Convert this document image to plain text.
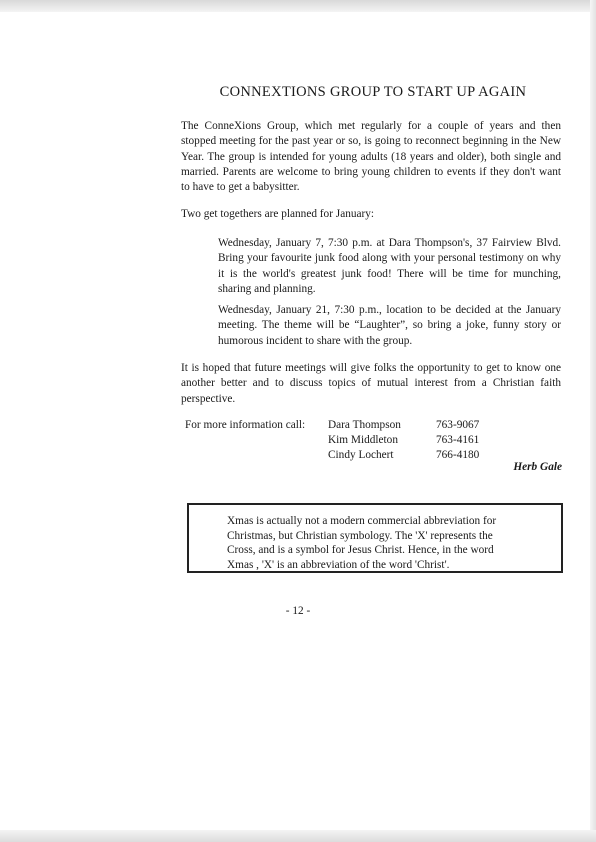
CONNEXTIONS GROUP TO START UP AGAIN

The ConneXions Group, which met regularly for a couple of years and then stopped meeting for the past year or so, is going to reconnect beginning in the New Year. The group is intended for young adults (18 years and older), both single and married. Parents are welcome to bring young children to events if they don't want to have to get a babysitter.

Two get togethers are planned for January:

Wednesday, January 7, 7:30 p.m. at Dara Thompson's, 37 Fairview Blvd. Bring your favourite junk food along with your personal testimony on why it is the world's greatest junk food! There will be time for munching, sharing and planning.

Wednesday, January 21, 7:30 p.m., location to be decided at the January meeting. The theme will be “Laughter”, so bring a joke, funny story or humorous incident to share with the group.

It is hoped that future meetings will give folks the opportunity to get to know one another better and to discuss topics of mutual interest from a Christian faith perspective.

For more information call: Dara Thompson	763-9067
Kim Middleton	763-4161
Cindy Lochert	766-4180
Herb Gale

Xmas is actually not a modern commercial abbreviation for Christmas, but Christian symbology. The 'X' represents the Cross, and is a symbol for Jesus Christ. Hence, in the word Xmas , 'X' is an abbreviation of the word 'Christ'.

- 12 -
